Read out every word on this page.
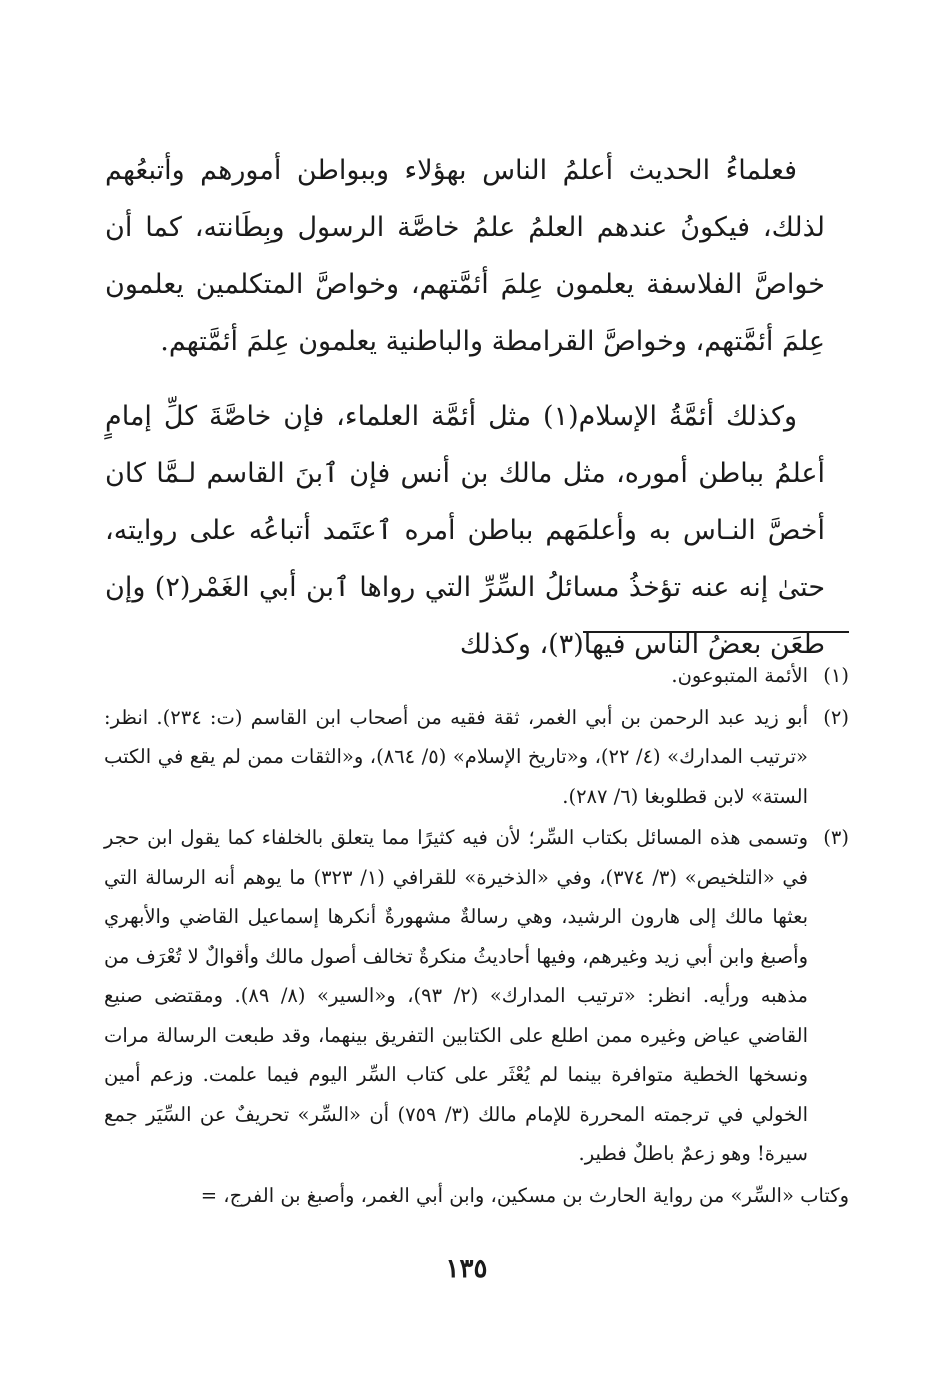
فعلماءُ الحديث أعلمُ الناس بهؤلاء وببواطن أمورهم وأتبعُهم لذلك، فيكونُ عندهم العلمُ علمُ خاصَّة الرسول وبِطَانته، كما أن خواصَّ الفلاسفة يعلمون عِلمَ أئمَّتهم، وخواصَّ المتكلمين يعلمون عِلمَ أئمَّتهم، وخواصَّ القرامطة والباطنية يعلمون عِلمَ أئمَّتهم.

وكذلك أئمَّةُ الإسلام(١) مثل أئمَّة العلماء، فإن خاصَّةَ كلِّ إمامٍ أعلمُ بباطن أموره، مثل مالك بن أنس فإن ٱبنَ القاسم لـمَّا كان أخصَّ النـاس به وأعلمَهم بباطن أمره ٱعتَمد أتباعُه على روايته، حتىٰ إنه عنه تؤخذُ مسائلُ السِّرِّ التي رواها ٱبن أبي الغَمْر(٢) وإن طعَن بعضُ الناس فيها(٣)، وكذلك

(١)
الأئمة المتبوعون.
(٢)
أبو زيد عبد الرحمن بن أبي الغمر، ثقة فقيه من أصحاب ابن القاسم (ت: ٢٣٤). انظر: «ترتيب المدارك» (٤/ ٢٢)، و«تاريخ الإسلام» (٥/ ٨٦٤)، و«الثقات ممن لم يقع في الكتب الستة» لابن قطلوبغا (٦/ ٢٨٧).
(٣)
وتسمى هذه المسائل بكتاب السِّر؛ لأن فيه كثيرًا مما يتعلق بالخلفاء كما يقول ابن حجر في «التلخيص» (٣/ ٣٧٤)، وفي «الذخيرة» للقرافي (١/ ٣٢٣) ما يوهم أنه الرسالة التي بعثها مالك إلى هارون الرشيد، وهي رسالةٌ مشهورةٌ أنكرها إسماعيل القاضي والأبهري وأصبغ وابن أبي زيد وغيرهم، وفيها أحاديثُ منكرةٌ تخالف أصول مالك وأقوالٌ لا تُعْرَف من مذهبه ورأيه. انظر: «ترتيب المدارك» (٢/ ٩٣)، و«السير» (٨/ ٨٩). ومقتضى صنيع القاضي عياض وغيره ممن اطلع على الكتابين التفريق بينهما، وقد طبعت الرسالة مرات ونسخها الخطية متوافرة بينما لم يُعْثَر على كتاب السِّر اليوم فيما علمت. وزعم أمين الخولي في ترجمته المحررة للإمام مالك (٣/ ٧٥٩) أن «السِّر» تحريفٌ عن السِّيَر جمع سيرة! وهو زعمٌ باطلٌ فطير.

وكتاب «السِّر» من رواية الحارث بن مسكين، وابن أبي الغمر، وأصبغ بن الفرج، =

١٣٥
